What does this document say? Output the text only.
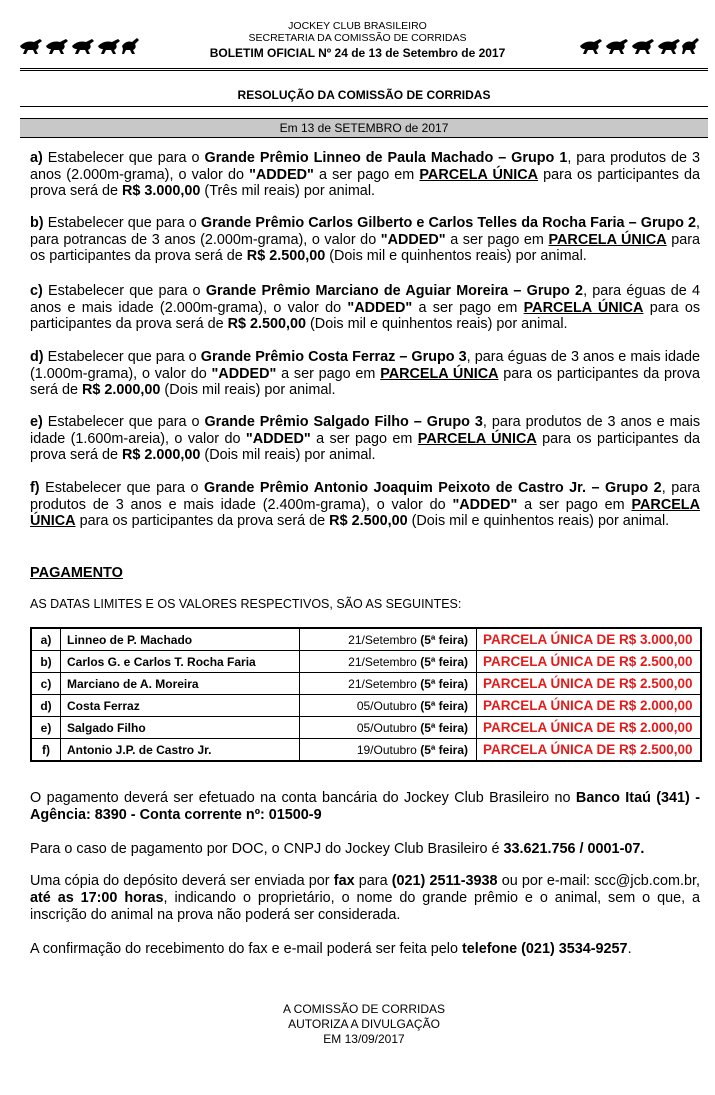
JOCKEY CLUB BRASILEIRO
SECRETARIA DA COMISSÃO DE CORRIDAS
BOLETIM OFICIAL Nº 24 de 13 de Setembro de 2017
RESOLUÇÃO DA COMISSÃO DE CORRIDAS
Em 13 de SETEMBRO de 2017
a) Estabelecer que para o Grande Prêmio Linneo de Paula Machado – Grupo 1, para produtos de 3 anos (2.000m-grama), o valor do "ADDED" a ser pago em PARCELA ÚNICA para os participantes da prova será de R$ 3.000,00 (Três mil reais) por animal.
b) Estabelecer que para o Grande Prêmio Carlos Gilberto e Carlos Telles da Rocha Faria – Grupo 2, para potrancas de 3 anos (2.000m-grama), o valor do "ADDED" a ser pago em PARCELA ÚNICA para os participantes da prova será de R$ 2.500,00 (Dois mil e quinhentos reais) por animal.
c) Estabelecer que para o Grande Prêmio Marciano de Aguiar Moreira – Grupo 2, para éguas de 4 anos e mais idade (2.000m-grama), o valor do "ADDED" a ser pago em PARCELA ÚNICA para os participantes da prova será de R$ 2.500,00 (Dois mil e quinhentos reais) por animal.
d) Estabelecer que para o Grande Prêmio Costa Ferraz – Grupo 3, para éguas de 3 anos e mais idade (1.000m-grama), o valor do "ADDED" a ser pago em PARCELA ÚNICA para os participantes da prova será de R$ 2.000,00 (Dois mil reais) por animal.
e) Estabelecer que para o Grande Prêmio Salgado Filho – Grupo 3, para produtos de 3 anos e mais idade (1.600m-areia), o valor do "ADDED" a ser pago em PARCELA ÚNICA para os participantes da prova será de R$ 2.000,00 (Dois mil reais) por animal.
f) Estabelecer que para o Grande Prêmio Antonio Joaquim Peixoto de Castro Jr. – Grupo 2, para produtos de 3 anos e mais idade (2.400m-grama), o valor do "ADDED" a ser pago em PARCELA ÚNICA para os participantes da prova será de R$ 2.500,00 (Dois mil e quinhentos reais) por animal.
PAGAMENTO
AS DATAS LIMITES E OS VALORES RESPECTIVOS, SÃO AS SEGUINTES:
a)	Linneo de P. Machado	21/Setembro (5ª feira)	PARCELA ÚNICA DE R$ 3.000,00
b)	Carlos G. e Carlos T. Rocha Faria	21/Setembro (5ª feira)	PARCELA ÚNICA DE R$ 2.500,00
c)	Marciano de A. Moreira	21/Setembro (5ª feira)	PARCELA ÚNICA DE R$ 2.500,00
d)	Costa Ferraz	05/Outubro (5ª feira)	PARCELA ÚNICA DE R$ 2.000,00
e)	Salgado Filho	05/Outubro (5ª feira)	PARCELA ÚNICA DE R$ 2.000,00
f)	Antonio J.P. de Castro Jr.	19/Outubro (5ª feira)	PARCELA ÚNICA DE R$ 2.500,00
O pagamento deverá ser efetuado na conta bancária do Jockey Club Brasileiro no Banco Itaú (341) - Agência: 8390 - Conta corrente nº: 01500-9
Para o caso de pagamento por DOC, o CNPJ do Jockey Club Brasileiro é 33.621.756 / 0001-07.
Uma cópia do depósito deverá ser enviada por fax para (021) 2511-3938 ou por e-mail: scc@jcb.com.br, até as 17:00 horas, indicando o proprietário, o nome do grande prêmio e o animal, sem o que, a inscrição do animal na prova não poderá ser considerada.
A confirmação do recebimento do fax e e-mail poderá ser feita pelo telefone (021) 3534-9257.
A COMISSÃO DE CORRIDAS
AUTORIZA A DIVULGAÇÃO
EM 13/09/2017
